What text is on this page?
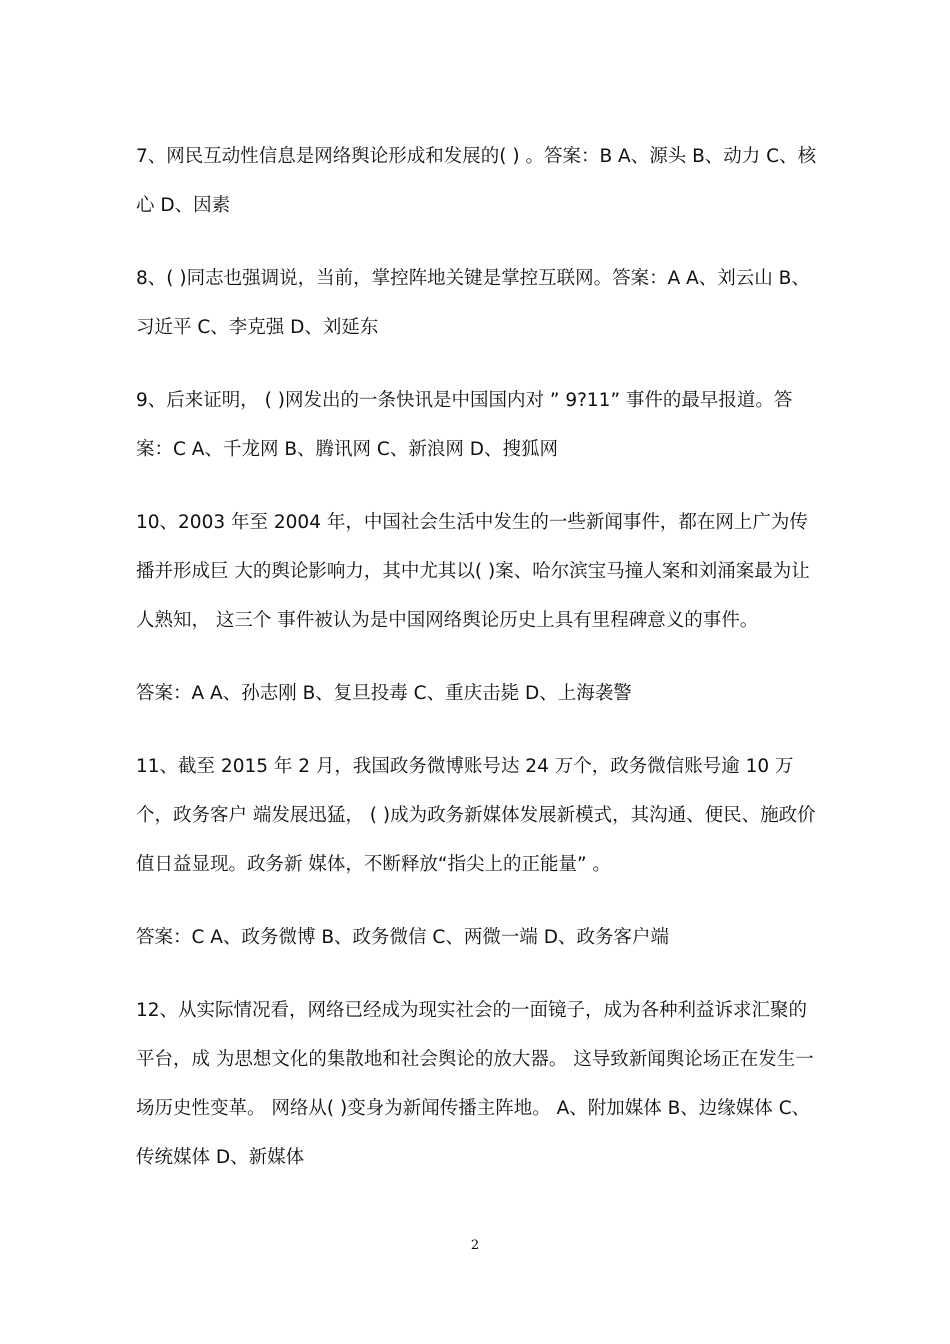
7、网民互动性信息是网络舆论形成和发展的( ) 。答案：B A、源头 B、动力 C、核心 D、因素

8、( )同志也强调说，当前，掌控阵地关键是掌控互联网。答案：A A、刘云山 B、习近平 C、李克强 D、刘延东

9、后来证明， ( )网发出的一条快讯是中国国内对 ” 9?11” 事件的最早报道。答案：C A、千龙网 B、腾讯网 C、新浪网 D、搜狐网

10、2003 年至 2004 年，中国社会生活中发生的一些新闻事件，都在网上广为传播并形成巨 大的舆论影响力，其中尤其以( )案、哈尔滨宝马撞人案和刘涌案最为让人熟知， 这三个 事件被认为是中国网络舆论历史上具有里程碑意义的事件。

答案：A A、孙志刚 B、复旦投毒 C、重庆击毙 D、上海袭警

11、截至 2015 年 2 月，我国政务微博账号达 24 万个，政务微信账号逾 10 万个，政务客户 端发展迅猛， ( )成为政务新媒体发展新模式，其沟通、便民、施政价值日益显现。政务新 媒体，不断释放“指尖上的正能量” 。

答案：C A、政务微博 B、政务微信 C、两微一端 D、政务客户端

12、从实际情况看，网络已经成为现实社会的一面镜子，成为各种利益诉求汇聚的平台，成 为思想文化的集散地和社会舆论的放大器。 这导致新闻舆论场正在发生一场历史性变革。 网络从( )变身为新闻传播主阵地。 A、附加媒体 B、边缘媒体 C、传统媒体 D、新媒体

2
